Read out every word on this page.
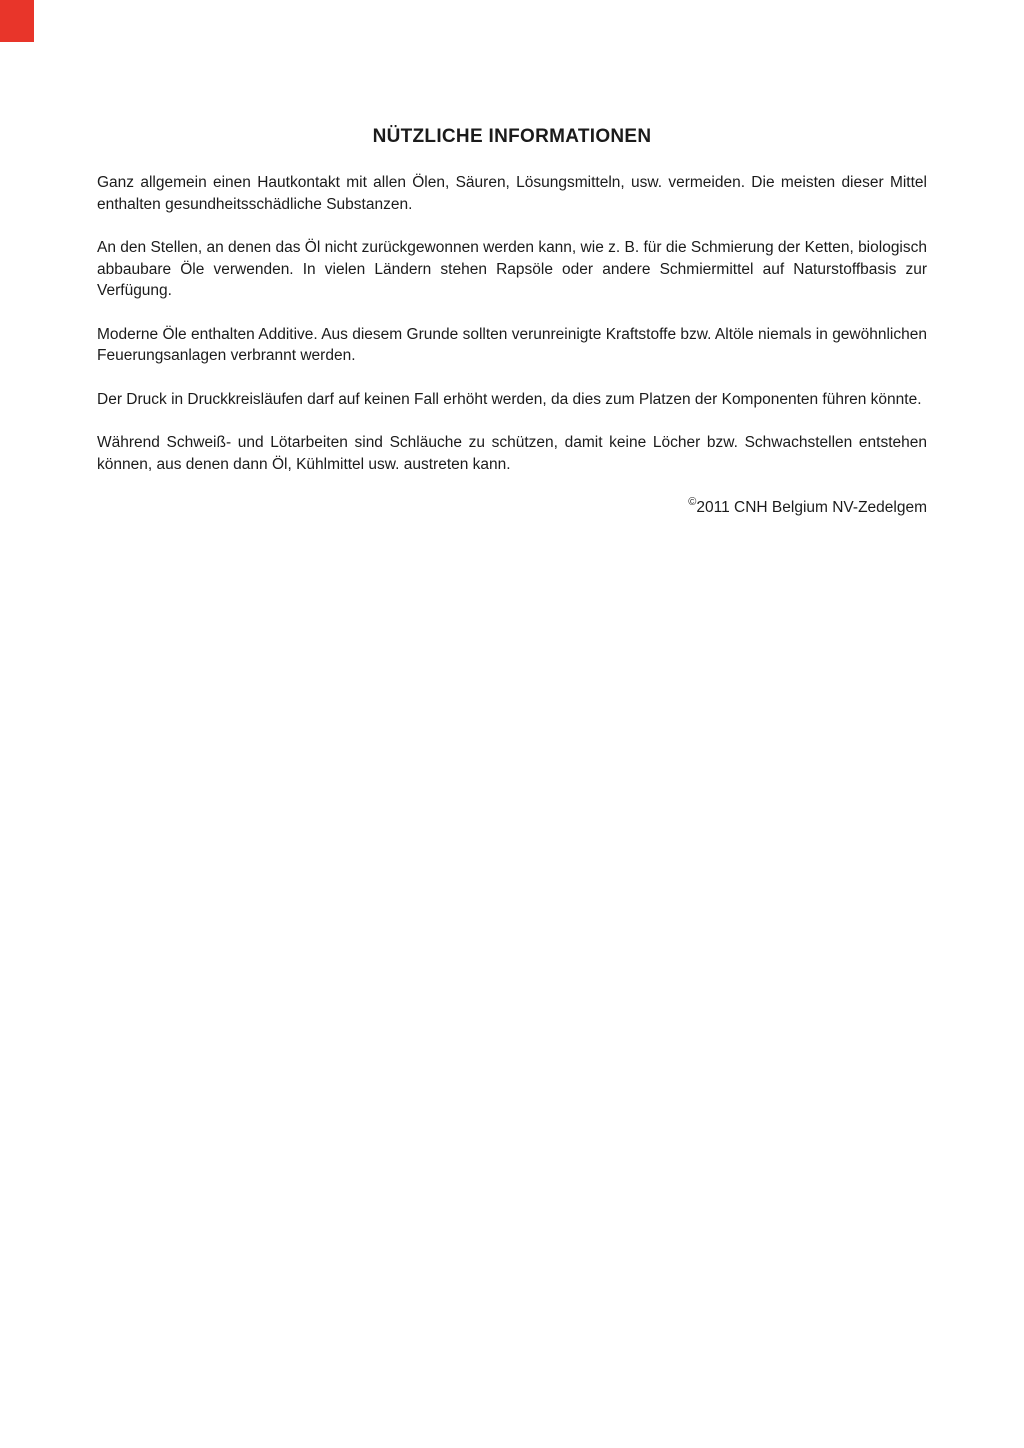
NÜTZLICHE INFORMATIONEN

Ganz allgemein einen Hautkontakt mit allen Ölen, Säuren, Lösungsmitteln, usw. vermeiden. Die meisten dieser Mittel enthalten gesundheitsschädliche Substanzen.

An den Stellen, an denen das Öl nicht zurückgewonnen werden kann, wie z. B. für die Schmierung der Ketten, biologisch abbaubare Öle verwenden. In vielen Ländern stehen Rapsöle oder andere Schmiermittel auf Naturstoffbasis zur Verfügung.

Moderne Öle enthalten Additive. Aus diesem Grunde sollten verunreinigte Kraftstoffe bzw. Altöle niemals in gewöhnlichen Feuerungsanlagen verbrannt werden.

Der Druck in Druckkreisläufen darf auf keinen Fall erhöht werden, da dies zum Platzen der Komponenten führen könnte.

Während Schweiß- und Lötarbeiten sind Schläuche zu schützen, damit keine Löcher bzw. Schwachstellen entstehen können, aus denen dann Öl, Kühlmittel usw. austreten kann.

©2011 CNH Belgium NV-Zedelgem
